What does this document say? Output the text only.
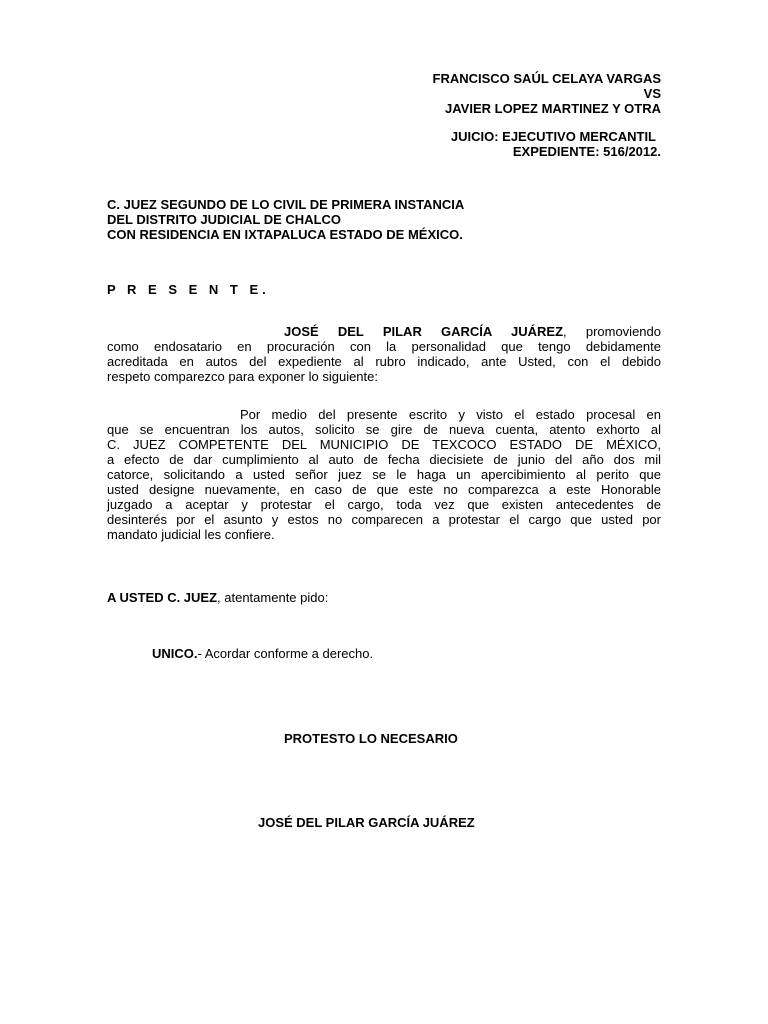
FRANCISCO SAÚL CELAYA VARGAS
VS
JAVIER LOPEZ MARTINEZ Y OTRA
JUICIO: EJECUTIVO MERCANTIL
EXPEDIENTE: 516/2012.
C. JUEZ SEGUNDO DE LO CIVIL DE PRIMERA INSTANCIA
DEL DISTRITO JUDICIAL DE CHALCO
CON RESIDENCIA EN IXTAPALUCA ESTADO DE MÉXICO.
P R E S E N T E.
JOSÉ DEL PILAR GARCÍA JUÁREZ, promoviendo
como endosatario en procuración con la personalidad que tengo debidamente
acreditada en autos del expediente al rubro indicado, ante Usted, con el debido
respeto comparezco para exponer lo siguiente:
Por medio del presente escrito y visto el estado procesal en
que se encuentran los autos, solicito se gire de nueva cuenta, atento exhorto al
C. JUEZ COMPETENTE DEL MUNICIPIO DE TEXCOCO ESTADO DE MÉXICO,
a efecto de dar cumplimiento al auto de fecha diecisiete de junio del año dos mil
catorce, solicitando a usted señor juez se le haga un apercibimiento al perito que
usted designe nuevamente, en caso de que este no comparezca a este Honorable
juzgado a aceptar y protestar el cargo, toda vez que existen antecedentes de
desinterés por el asunto y estos no comparecen a protestar el cargo que usted por
mandato judicial les confiere.
A USTED C. JUEZ, atentamente pido:
UNICO.- Acordar conforme a derecho.
PROTESTO LO NECESARIO
JOSÉ DEL PILAR GARCÍA JUÁREZ
